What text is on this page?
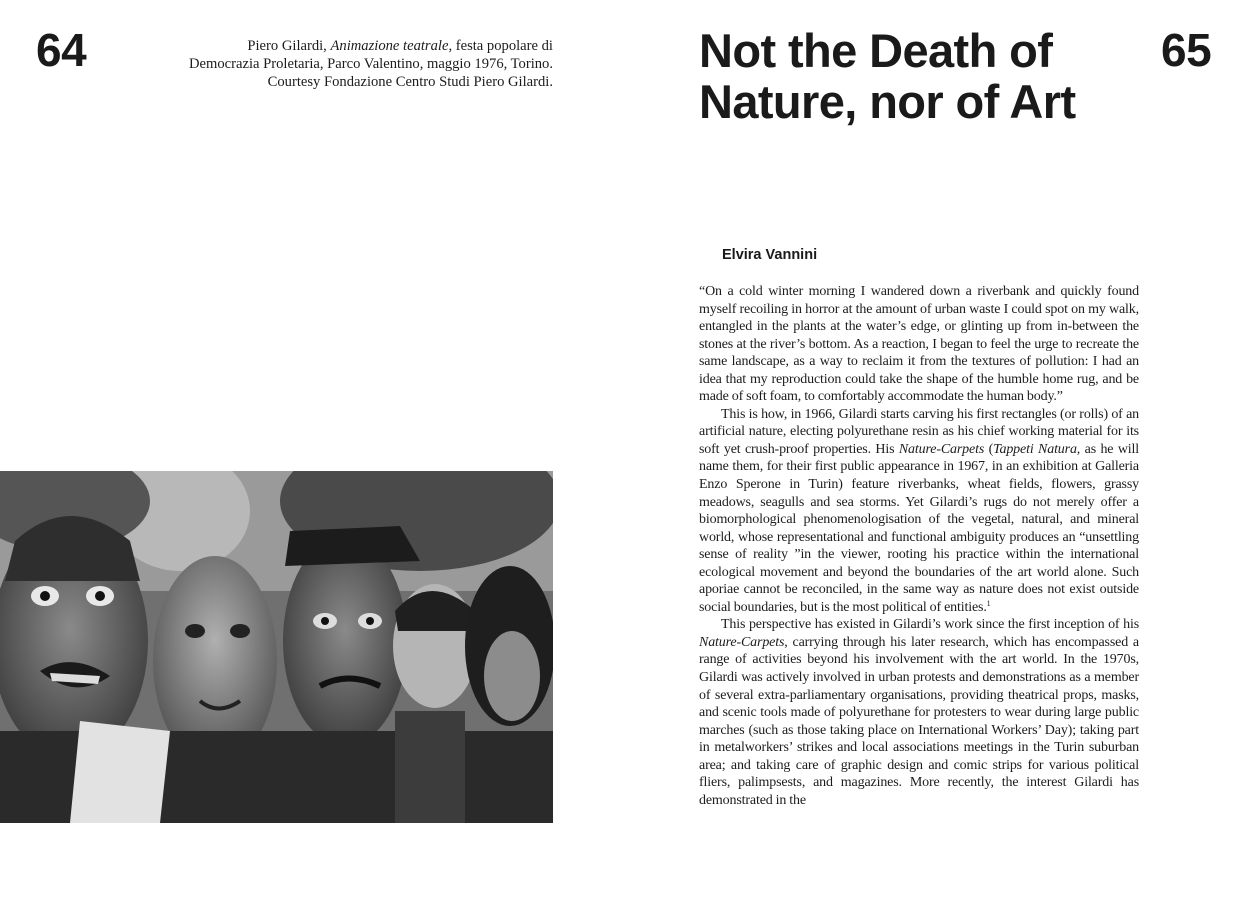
64	Piero Gilardi, Animazione teatrale, festa popolare di
Democrazia Proletaria, Parco Valentino, maggio 1976, Torino.
Courtesy Fondazione Centro Studi Piero Gilardi.
Not the Death of
Nature, nor of Art
65
Elvira Vannini

“On a cold winter morning I wandered down a riverbank and quickly found myself recoiling in horror at the amount of urban waste I could spot on my walk, entangled in the plants at the water’s edge, or glinting up from in-between the stones at the river’s bottom. As a reaction, I began to feel the urge to recreate the same landscape, as a way to reclaim it from the textures of pollution: I had an idea that my reproduction could take the shape of the humble home rug, and be made of soft foam, to comfortably accommodate the human body.”

This is how, in 1966, Gilardi starts carving his first rectangles (or rolls) of an artificial nature, electing polyurethane resin as his chief working material for its soft yet crush-proof properties. His Nature-Carpets (Tappeti Natura, as he will name them, for their first public appearance in 1967, in an exhibition at Galleria Enzo Sperone in Turin) feature riverbanks, wheat fields, flowers, grassy meadows, seagulls and sea storms. Yet Gilardi’s rugs do not merely offer a biomorphological phenomenologisation of the vegetal, natural, and mineral world, whose representational and functional ambiguity produces an “unsettling sense of reality ”in the viewer, rooting his practice within the international ecological movement and beyond the boundaries of the art world alone. Such aporiae cannot be reconciled, in the same way as nature does not exist outside social boundaries, but is the most political of entities.$^1$

This perspective has existed in Gilardi’s work since the first inception of his Nature-Carpets, carrying through his later research, which has encompassed a range of activities beyond his involvement with the art world. In the 1970s, Gilardi was actively involved in urban protests and demonstrations as a member of several extra-parliamentary organisations, providing theatrical props, masks, and scenic tools made of polyurethane for protesters to wear during large public marches (such as those taking place on International Workers’ Day); taking part in metalworkers’ strikes and local associations meetings in the Turin suburban area; and taking care of graphic design and comic strips for various political fliers, palimpsests, and magazines. More recently, the interest Gilardi has demonstrated in the
